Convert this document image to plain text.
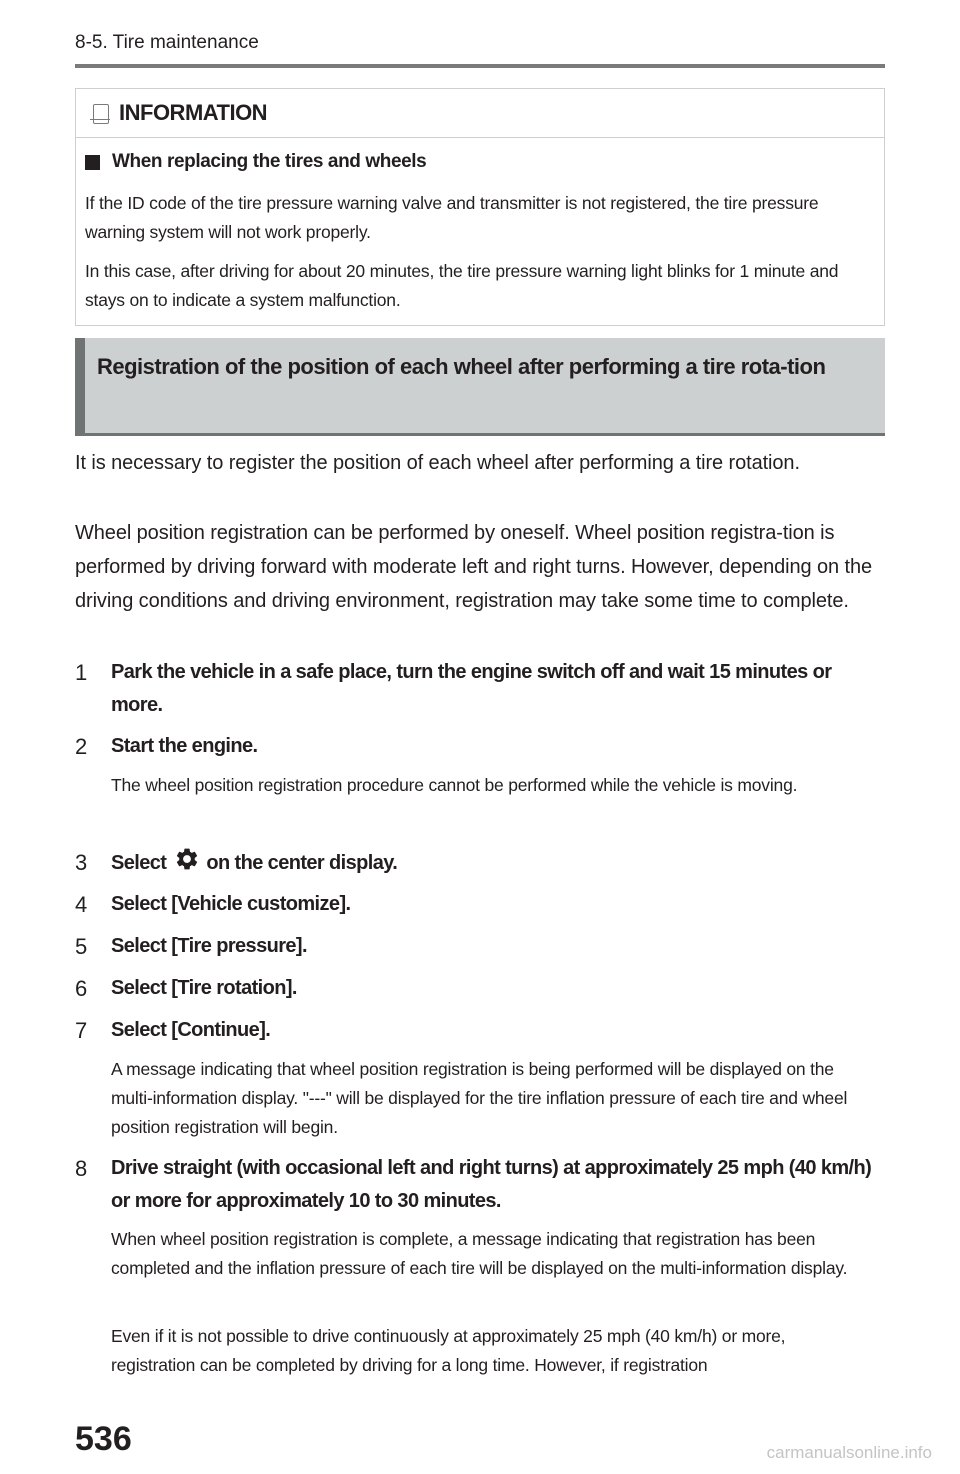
8-5. Tire maintenance
INFORMATION
When replacing the tires and wheels
If the ID code of the tire pressure warning valve and transmitter is not registered, the tire pressure warning system will not work properly.
In this case, after driving for about 20 minutes, the tire pressure warning light blinks for 1 minute and stays on to indicate a system malfunction.
Registration of the position of each wheel after performing a tire rota-tion
It is necessary to register the position of each wheel after performing a tire rotation.
Wheel position registration can be performed by oneself. Wheel position registra-tion is performed by driving forward with moderate left and right turns. However, depending on the driving conditions and driving environment, registration may take some time to complete.
1 Park the vehicle in a safe place, turn the engine switch off and wait 15 minutes or more.
2 Start the engine.
The wheel position registration procedure cannot be performed while the vehicle is moving.
3 Select on the center display.
4 Select [Vehicle customize].
5 Select [Tire pressure].
6 Select [Tire rotation].
7 Select [Continue].
A message indicating that wheel position registration is being performed will be displayed on the multi-information display. "---" will be displayed for the tire inflation pressure of each tire and wheel position registration will begin.
8 Drive straight (with occasional left and right turns) at approximately 25 mph (40 km/h) or more for approximately 10 to 30 minutes.
When wheel position registration is complete, a message indicating that registration has been completed and the inflation pressure of each tire will be displayed on the multi-information display.
Even if it is not possible to drive continuously at approximately 25 mph (40 km/h) or more, registration can be completed by driving for a long time. However, if registration
536	carmanualsonline.info
